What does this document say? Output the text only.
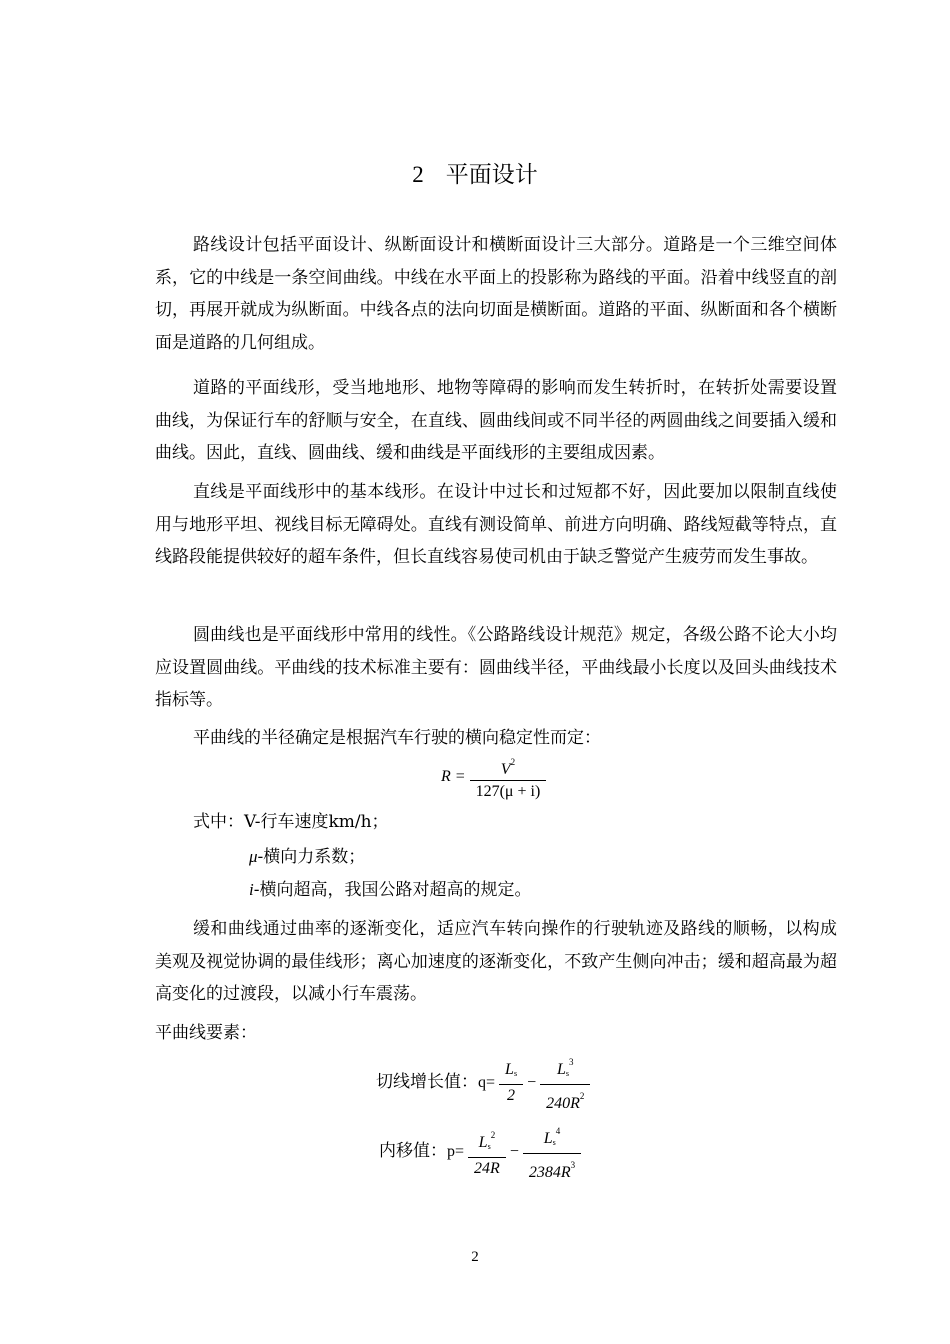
2 平面设计

路线设计包括平面设计、纵断面设计和横断面设计三大部分。道路是一个三维空间体系，它的中线是一条空间曲线。中线在水平面上的投影称为路线的平面。沿着中线竖直的剖切，再展开就成为纵断面。中线各点的法向切面是横断面。道路的平面、纵断面和各个横断面是道路的几何组成。

道路的平面线形，受当地地形、地物等障碍的影响而发生转折时，在转折处需要设置曲线，为保证行车的舒顺与安全，在直线、圆曲线间或不同半径的两圆曲线之间要插入缓和曲线。因此，直线、圆曲线、缓和曲线是平面线形的主要组成因素。

直线是平面线形中的基本线形。在设计中过长和过短都不好，因此要加以限制直线使用与地形平坦、视线目标无障碍处。直线有测设简单、前进方向明确、路线短截等特点，直线路段能提供较好的超车条件，但长直线容易使司机由于缺乏警觉产生疲劳而发生事故。

圆曲线也是平面线形中常用的线性。《公路路线设计规范》规定，各级公路不论大小均应设置圆曲线。平曲线的技术标准主要有：圆曲线半径，平曲线最小长度以及回头曲线技术指标等。

平曲线的半径确定是根据汽车行驶的横向稳定性而定：

$R = \frac{V^2}{127(\mu + i)}$

式中：V-行车速度km/h；

μ-横向力系数；

i-横向超高，我国公路对超高的规定。

缓和曲线通过曲率的逐渐变化，适应汽车转向操作的行驶轨迹及路线的顺畅，以构成美观及视觉协调的最佳线形；离心加速度的逐渐变化，不致产生侧向冲击；缓和超高最为超高变化的过渡段，以减小行车震荡。

平曲线要素：

切线增长值：$q= \frac{L_s}{2} - \frac{L_s^3}{240R^2}$
内移值：$p= \frac{L_s^2}{24R} - \frac{L_s^4}{2384R^3}$
2
